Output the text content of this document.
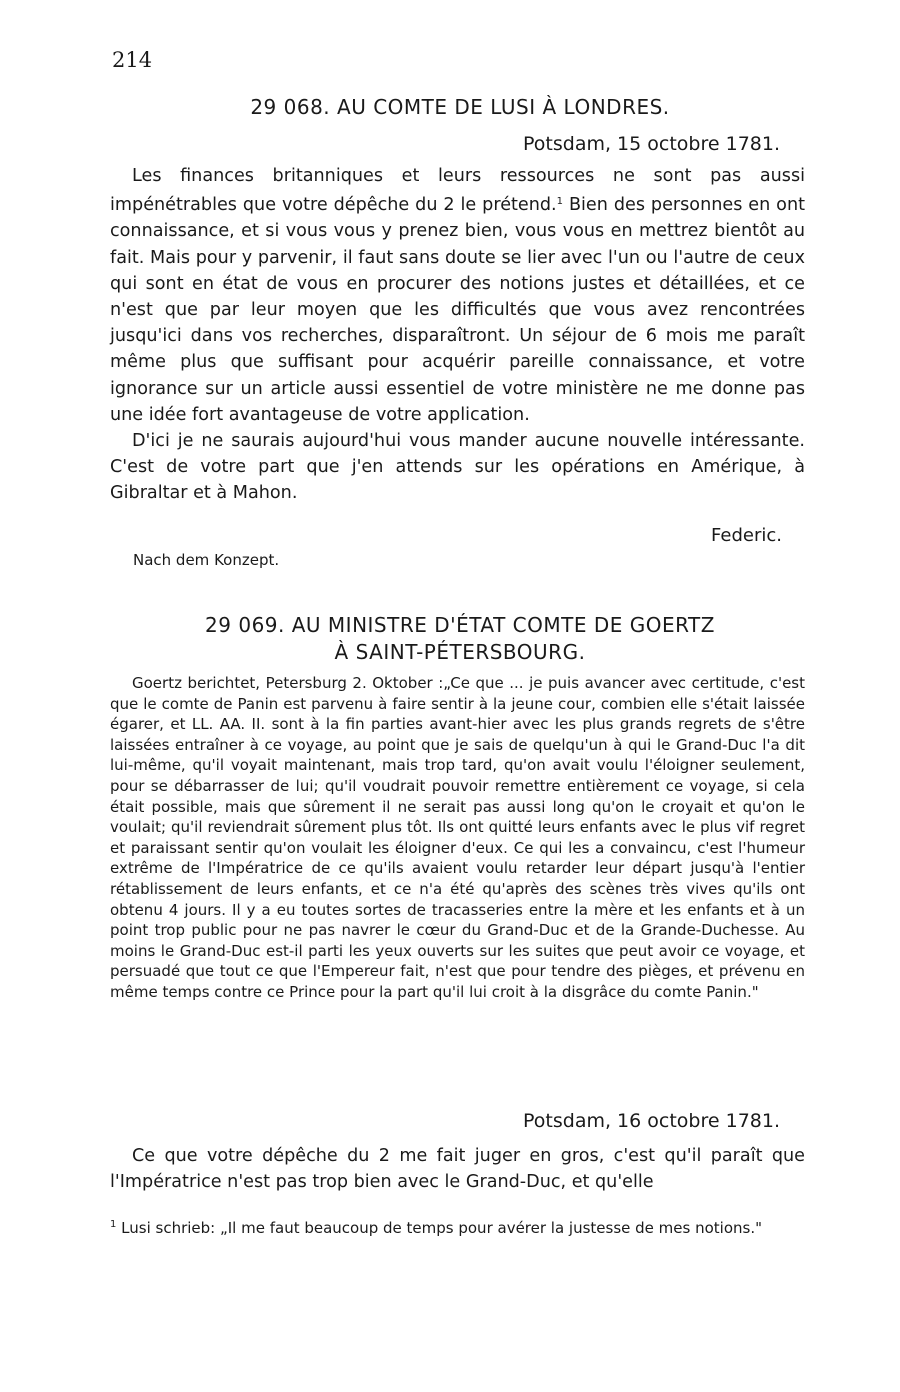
214
29 068. AU COMTE DE LUSI À LONDRES.
Potsdam, 15 octobre 1781.

Les finances britanniques et leurs ressources ne sont pas aussi impénétrables que votre dépêche du 2 le prétend.$^1$ Bien des personnes en ont connaissance, et si vous vous y prenez bien, vous vous en mettrez bientôt au fait. Mais pour y parvenir, il faut sans doute se lier avec l'un ou l'autre de ceux qui sont en état de vous en procurer des notions justes et détaillées, et ce n'est que par leur moyen que les difficultés que vous avez rencontrées jusqu'ici dans vos recherches, disparaîtront. Un séjour de 6 mois me paraît même plus que suffisant pour acquérir pareille connaissance, et votre ignorance sur un article aussi essentiel de votre ministère ne me donne pas une idée fort avantageuse de votre application.

D'ici je ne saurais aujourd'hui vous mander aucune nouvelle intéressante. C'est de votre part que j'en attends sur les opérations en Amérique, à Gibraltar et à Mahon.

Federic.
Nach dem Konzept.
29 069. AU MINISTRE D'ÉTAT COMTE DE GOERTZ
À SAINT-PÉTERSBOURG.

Goertz berichtet, Petersburg 2. Oktober :„Ce que ... je puis avancer avec certitude, c'est que le comte de Panin est parvenu à faire sentir à la jeune cour, combien elle s'était laissée égarer, et LL. AA. II. sont à la fin parties avant-hier avec les plus grands regrets de s'être laissées entraîner à ce voyage, au point que je sais de quelqu'un à qui le Grand-Duc l'a dit lui-même, qu'il voyait maintenant, mais trop tard, qu'on avait voulu l'éloigner seulement, pour se débarrasser de lui; qu'il voudrait pouvoir remettre entièrement ce voyage, si cela était possible, mais que sûrement il ne serait pas aussi long qu'on le croyait et qu'on le voulait; qu'il reviendrait sûrement plus tôt. Ils ont quitté leurs enfants avec le plus vif regret et paraissant sentir qu'on voulait les éloigner d'eux. Ce qui les a convaincu, c'est l'humeur extrême de l'Impératrice de ce qu'ils avaient voulu retarder leur départ jusqu'à l'entier rétablissement de leurs enfants, et ce n'a été qu'après des scènes très vives qu'ils ont obtenu 4 jours. Il y a eu toutes sortes de tracasseries entre la mère et les enfants et à un point trop public pour ne pas navrer le cœur du Grand-Duc et de la Grande-Duchesse. Au moins le Grand-Duc est-il parti les yeux ouverts sur les suites que peut avoir ce voyage, et persuadé que tout ce que l'Empereur fait, n'est que pour tendre des pièges, et prévenu en même temps contre ce Prince pour la part qu'il lui croit à la disgrâce du comte Panin."

Potsdam, 16 octobre 1781.

Ce que votre dépêche du 2 me fait juger en gros, c'est qu'il paraît que l'Impératrice n'est pas trop bien avec le Grand-Duc, et qu'elle

$^1$ Lusi schrieb: „Il me faut beaucoup de temps pour avérer la justesse de mes notions."
